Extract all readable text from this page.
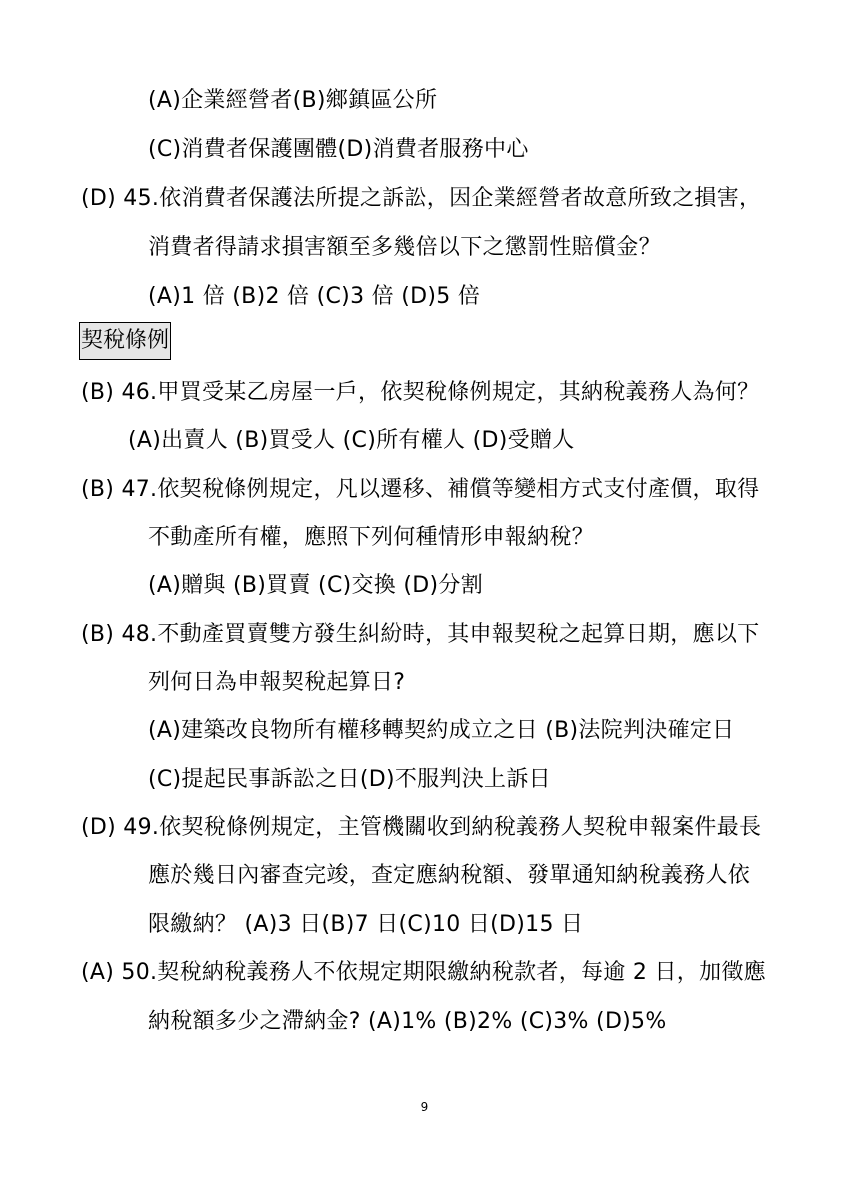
(A)企業經營者(B)鄉鎮區公所
(C)消費者保護團體(D)消費者服務中心
(D) 45.依消費者保護法所提之訴訟，因企業經營者故意所致之損害，
消費者得請求損害額至多幾倍以下之懲罰性賠償金？
(A)1 倍 (B)2 倍 (C)3 倍 (D)5 倍
契稅條例
(B) 46.甲買受某乙房屋一戶，依契稅條例規定，其納稅義務人為何？
(A)出賣人 (B)買受人 (C)所有權人 (D)受贈人
(B) 47.依契稅條例規定，凡以遷移、補償等變相方式支付產價，取得
不動產所有權，應照下列何種情形申報納稅？
(A)贈與 (B)買賣 (C)交換 (D)分割
(B) 48.不動產買賣雙方發生糾紛時，其申報契稅之起算日期，應以下
列何日為申報契稅起算日?
(A)建築改良物所有權移轉契約成立之日 (B)法院判決確定日
(C)提起民事訴訟之日(D)不服判決上訴日
(D) 49.依契稅條例規定，主管機關收到納稅義務人契稅申報案件最長
應於幾日內審查完竣，查定應納稅額、發單通知納稅義務人依
限繳納？ (A)3 日(B)7 日(C)10 日(D)15 日
(A) 50.契稅納稅義務人不依規定期限繳納稅款者，每逾 2 日，加徵應
納稅額多少之滯納金? (A)1% (B)2% (C)3% (D)5%
9
